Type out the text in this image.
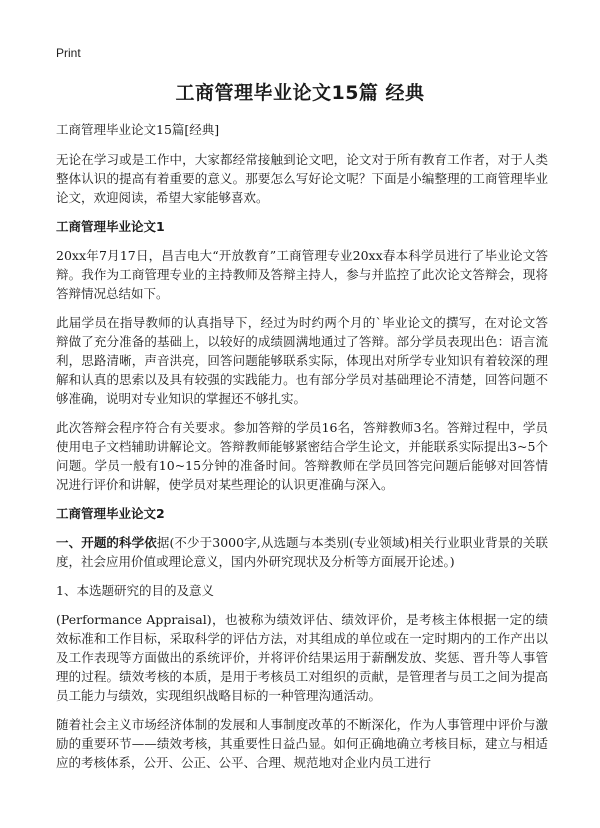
Print
工商管理毕业论文15篇 经典

工商管理毕业论文15篇[经典]

无论在学习或是工作中，大家都经常接触到论文吧，论文对于所有教育工作者，对于人类整体认识的提高有着重要的意义。那要怎么写好论文呢？下面是小编整理的工商管理毕业论文，欢迎阅读，希望大家能够喜欢。

工商管理毕业论文1

20xx年7月17日，昌吉电大“开放教育”工商管理专业20xx春本科学员进行了毕业论文答辩。我作为工商管理专业的主持教师及答辩主持人，参与并监控了此次论文答辩会，现将答辩情况总结如下。

此届学员在指导教师的认真指导下，经过为时约两个月的`毕业论文的撰写，在对论文答辩做了充分准备的基础上，以较好的成绩圆满地通过了答辩。部分学员表现出色：语言流利，思路清晰，声音洪亮，回答问题能够联系实际，体现出对所学专业知识有着较深的理解和认真的思索以及具有较强的实践能力。也有部分学员对基础理论不清楚，回答问题不够准确，说明对专业知识的掌握还不够扎实。

此次答辩会程序符合有关要求。参加答辩的学员16名，答辩教师3名。答辩过程中，学员使用电子文档辅助讲解论文。答辩教师能够紧密结合学生论文，并能联系实际提出3~5个问题。学员一般有10~15分钟的准备时间。答辩教师在学员回答完问题后能够对回答情况进行评价和讲解，使学员对某些理论的认识更准确与深入。

工商管理毕业论文2

一、开题的科学依据(不少于3000字,从选题与本类别(专业领域)相关行业职业背景的关联度，社会应用价值或理论意义，国内外研究现状及分析等方面展开论述。)

1、本选题研究的目的及意义

(Performance Appraisal)，也被称为绩效评估、绩效评价，是考核主体根据一定的绩效标准和工作目标，采取科学的评估方法，对其组成的单位或在一定时期内的工作产出以及工作表现等方面做出的系统评价，并将评价结果运用于薪酬发放、奖惩、晋升等人事管理的过程。绩效考核的本质，是用于考核员工对组织的贡献，是管理者与员工之间为提高员工能力与绩效，实现组织战略目标的一种管理沟通活动。

随着社会主义市场经济体制的发展和人事制度改革的不断深化，作为人事管理中评价与激励的重要环节——绩效考核，其重要性日益凸显。如何正确地确立考核目标，建立与相适应的考核体系，公开、公正、公平、合理、规范地对企业内员工进行
